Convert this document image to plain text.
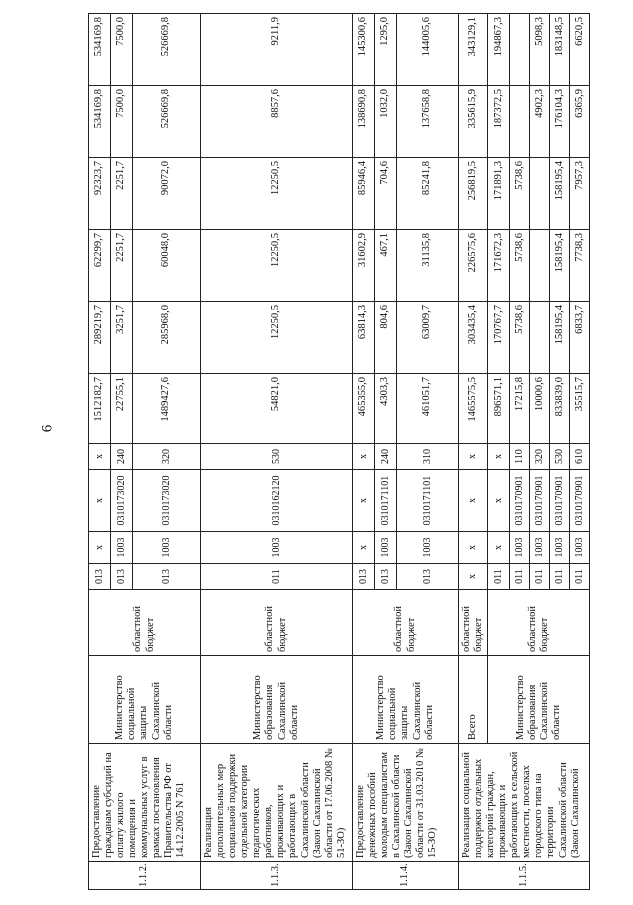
6
1.1.2.	Предоставление гражданам субсидий на оплату жилого помещения и коммунальных услуг в рамках постановления Правительства РФ от 14.12.2005 N 761	Министерство социальной защиты Сахалинской области	областной бюджет	013	x	x	x	1512182,7	289219,7	62299,7	92323,7	534169,8	534169,8
				013	1003	0310173020	240	22755,1	3251,7	2251,7	2251,7	7500,0	7500,0
				013	1003	0310173020	320	1489427,6	285968,0	60048,0	90072,0	526669,8	526669,8
1.1.3.	Реализация дополнительных мер социальной поддержки отдельной категории педагогических работников, проживающих и работающих в Сахалинской области (Закон Сахалинской области от 17.06.2008 № 51-ЗО)	Министерство образования Сахалинской области	областной бюджет	011	1003	0310162120	530	54821,0	12250,5	12250,5	12250,5	8857,6	9211,9
1.1.4.	Предоставление денежных пособий молодым специалистам в Сахалинской области (Закон Сахалинской области от 31.03.2010 № 15-ЗО)	Министерство социальной защиты Сахалинской области	областной бюджет	013	x	x	x	465355,0	63814,3	31602,9	85946,4	138690,8	145300,6
				013	1003	0310171101	240	4303,3	804,6	467,1	704,6	1032,0	1295,0
				013	1003	0310171101	310	461051,7	63009,7	31135,8	85241,8	137658,8	144005,6
1.1.5.	Реализация социальной поддержки отдельных категорий граждан, проживающих и работающих в сельской местности, поселках городского типа на территории Сахалинской области (Закон Сахалинской	Всего	областной бюджет	x	x	x	x	1465575,5	303435,4	226575,6	256819,5	335615,9	343129,1
		Министерство образования Сахалинской области	областной бюджет	011	x	x	x	896571,1	170767,7	171672,3	171891,3	187372,5	194867,3
				011	1003	0310170901	110	17215,8	5738,6	5738,6	5738,6		
				011	1003	0310170901	320	10000,6				4902,3	5098,3
				011	1003	0310170901	530	833839,0	158195,4	158195,4	158195,4	176104,3	183148,5
				011	1003	0310170901	610	35515,7	6833,7	7738,3	7957,3	6365,9	6620,5
